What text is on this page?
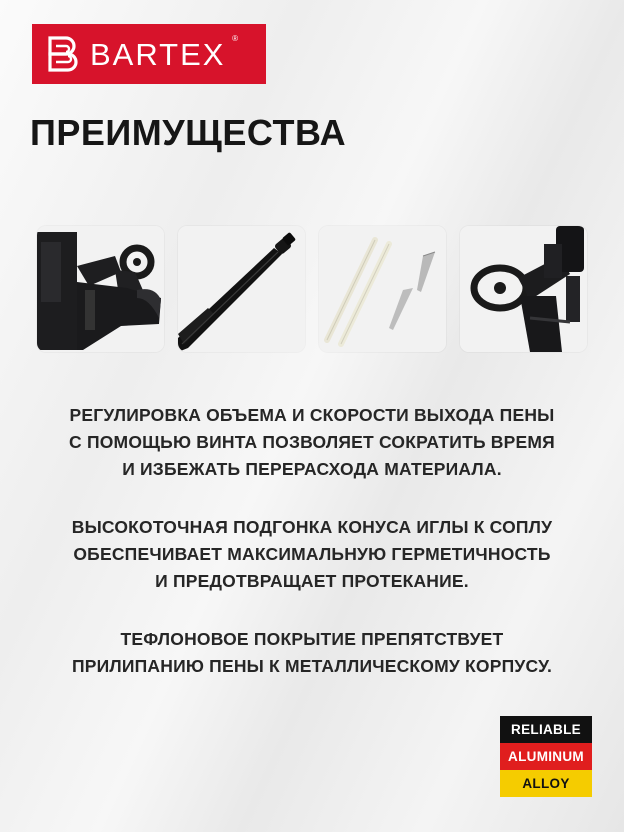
BARTEX ®
ПРЕИМУЩЕСТВА

РЕГУЛИРОВКА ОБЪЕМА И СКОРОСТИ ВЫХОДА ПЕНЫ
С ПОМОЩЬЮ ВИНТА ПОЗВОЛЯЕТ СОКРАТИТЬ ВРЕМЯ
И ИЗБЕЖАТЬ ПЕРЕРАСХОДА МАТЕРИАЛА.

ВЫСОКОТОЧНАЯ ПОДГОНКА КОНУСА ИГЛЫ К СОПЛУ
ОБЕСПЕЧИВАЕТ МАКСИМАЛЬНУЮ ГЕРМЕТИЧНОСТЬ
И ПРЕДОТВРАЩАЕТ ПРОТЕКАНИЕ.

ТЕФЛОНОВОЕ ПОКРЫТИЕ ПРЕПЯТСТВУЕТ
ПРИЛИПАНИЮ ПЕНЫ К МЕТАЛЛИЧЕСКОМУ КОРПУСУ.

RELIABLE
ALUMINUM
ALLOY
